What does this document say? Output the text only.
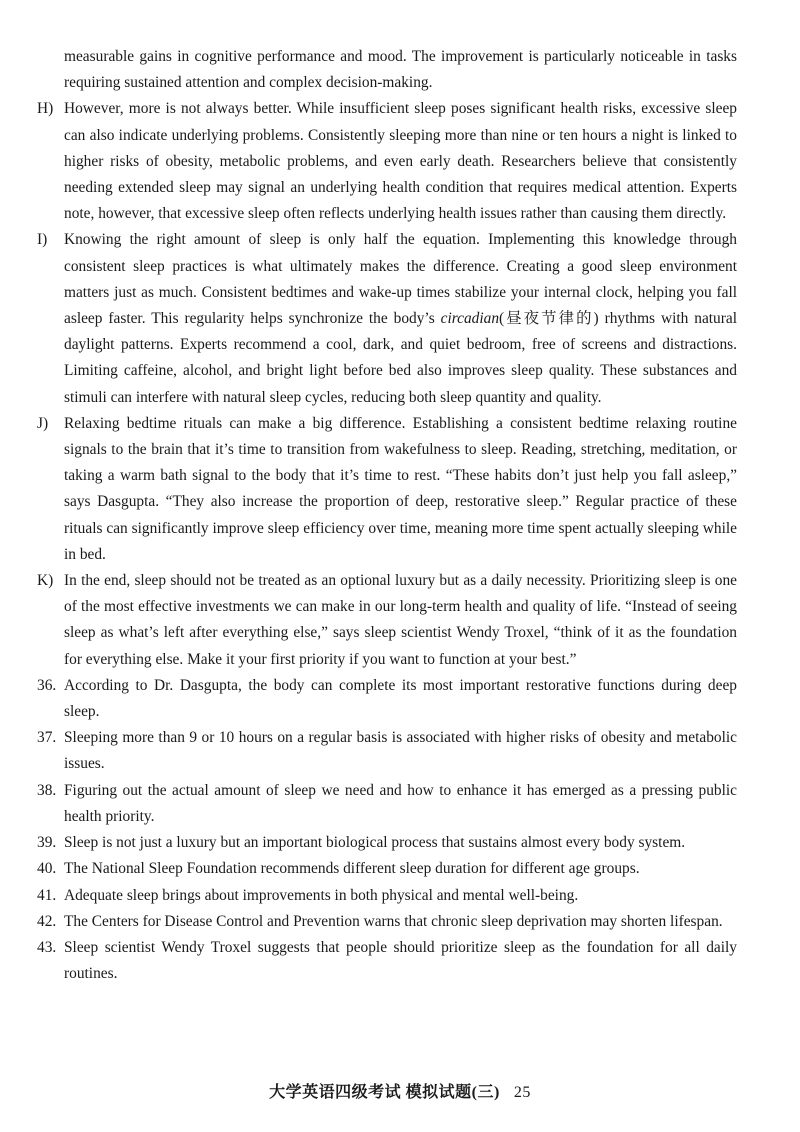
measurable gains in cognitive performance and mood. The improvement is particularly noticeable in tasks requiring sustained attention and complex decision-making.

H) However, more is not always better. While insufficient sleep poses significant health risks, excessive sleep can also indicate underlying problems. Consistently sleeping more than nine or ten hours a night is linked to higher risks of obesity, metabolic problems, and even early death. Researchers believe that consistently needing extended sleep may signal an underlying health condition that requires medical attention. Experts note, however, that excessive sleep often reflects underlying health issues rather than causing them directly.

I) Knowing the right amount of sleep is only half the equation. Implementing this knowledge through consistent sleep practices is what ultimately makes the difference. Creating a good sleep environment matters just as much. Consistent bedtimes and wake-up times stabilize your internal clock, helping you fall asleep faster. This regularity helps synchronize the body’s circadian(昼夜节律的) rhythms with natural daylight patterns. Experts recommend a cool, dark, and quiet bedroom, free of screens and distractions. Limiting caffeine, alcohol, and bright light before bed also improves sleep quality. These substances and stimuli can interfere with natural sleep cycles, reducing both sleep quantity and quality.

J) Relaxing bedtime rituals can make a big difference. Establishing a consistent bedtime relaxing routine signals to the brain that it’s time to transition from wakefulness to sleep. Reading, stretching, meditation, or taking a warm bath signal to the body that it’s time to rest. “These habits don’t just help you fall asleep,” says Dasgupta. “They also increase the proportion of deep, restorative sleep.” Regular practice of these rituals can significantly improve sleep efficiency over time, meaning more time spent actually sleeping while in bed.

K) In the end, sleep should not be treated as an optional luxury but as a daily necessity. Prioritizing sleep is one of the most effective investments we can make in our long-term health and quality of life. “Instead of seeing sleep as what’s left after everything else,” says sleep scientist Wendy Troxel, “think of it as the foundation for everything else. Make it your first priority if you want to function at your best.”

36. According to Dr. Dasgupta, the body can complete its most important restorative functions during deep sleep.

37. Sleeping more than 9 or 10 hours on a regular basis is associated with higher risks of obesity and metabolic issues.

38. Figuring out the actual amount of sleep we need and how to enhance it has emerged as a pressing public health priority.

39. Sleep is not just a luxury but an important biological process that sustains almost every body system.

40. The National Sleep Foundation recommends different sleep duration for different age groups.

41. Adequate sleep brings about improvements in both physical and mental well-being.

42. The Centers for Disease Control and Prevention warns that chronic sleep deprivation may shorten lifespan.

43. Sleep scientist Wendy Troxel suggests that people should prioritize sleep as the foundation for all daily routines.

大学英语四级考试 模拟试题(三) 25
